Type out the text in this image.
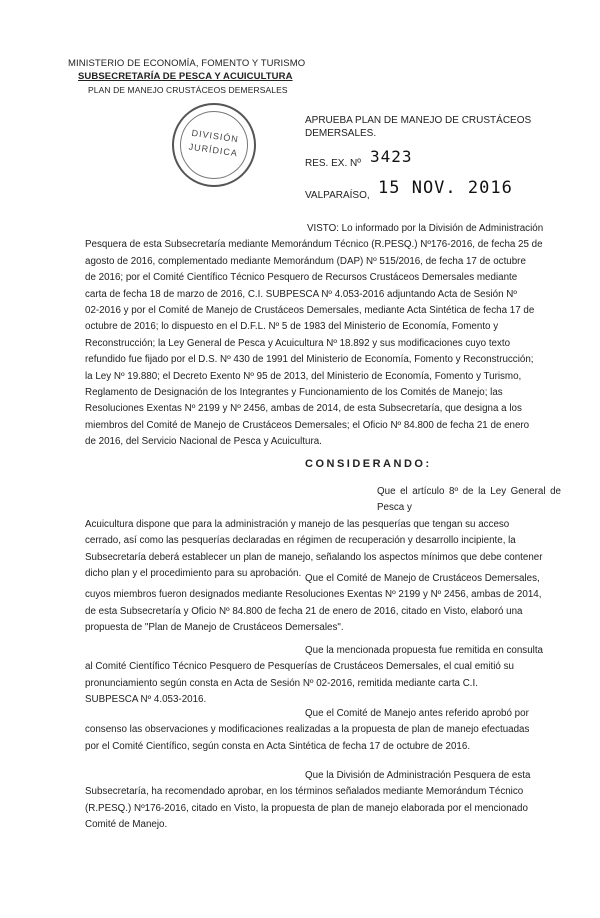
MINISTERIO DE ECONOMÍA, FOMENTO Y TURISMO
SUBSECRETARÍA DE PESCA Y ACUICULTURA
PLAN DE MANEJO CRUSTÁCEOS DEMERSALES
DIVISIÓN
JURÍDICA
APRUEBA PLAN DE MANEJO DE CRUSTÁCEOS
DEMERSALES.
RES. EX. Nº 3423
VALPARAÍSO, 15 NOV. 2016
VISTO: Lo informado por la División de Administración
Pesquera de esta Subsecretaría mediante Memorándum Técnico (R.PESQ.) Nº176-2016, de fecha 25 de
agosto de 2016, complementado mediante Memorándum (DAP) Nº 515/2016, de fecha 17 de octubre
de 2016; por el Comité Científico Técnico Pesquero de Recursos Crustáceos Demersales mediante
carta de fecha 18 de marzo de 2016, C.I. SUBPESCA Nº 4.053-2016 adjuntando Acta de Sesión Nº
02-2016 y por el Comité de Manejo de Crustáceos Demersales, mediante Acta Sintética de fecha 17 de
octubre de 2016; lo dispuesto en el D.F.L. Nº 5 de 1983 del Ministerio de Economía, Fomento y
Reconstrucción; la Ley General de Pesca y Acuicultura Nº 18.892 y sus modificaciones cuyo texto
refundido fue fijado por el D.S. Nº 430 de 1991 del Ministerio de Economía, Fomento y Reconstrucción;
la Ley Nº 19.880; el Decreto Exento Nº 95 de 2013, del Ministerio de Economía, Fomento y Turismo,
Reglamento de Designación de los Integrantes y Funcionamiento de los Comités de Manejo; las
Resoluciones Exentas Nº 2199 y Nº 2456, ambas de 2014, de esta Subsecretaría, que designa a los
miembros del Comité de Manejo de Crustáceos Demersales; el Oficio Nº 84.800 de fecha 21 de enero
de 2016, del Servicio Nacional de Pesca y Acuicultura.
CONSIDERANDO:
Que el artículo 8º de la Ley General de Pesca y
Acuicultura dispone que para la administración y manejo de las pesquerías que tengan su acceso
cerrado, así como las pesquerías declaradas en régimen de recuperación y desarrollo incipiente, la
Subsecretaría deberá establecer un plan de manejo, señalando los aspectos mínimos que debe contener
dicho plan y el procedimiento para su aprobación. Que el Comité de Manejo de Crustáceos Demersales,
cuyos miembros fueron designados mediante Resoluciones Exentas Nº 2199 y Nº 2456, ambas de 2014,
de esta Subsecretaría y Oficio Nº 84.800 de fecha 21 de enero de 2016, citado en Visto, elaboró una
propuesta de "Plan de Manejo de Crustáceos Demersales".
Que la mencionada propuesta fue remitida en consulta
al Comité Científico Técnico Pesquero de Pesquerías de Crustáceos Demersales, el cual emitió su
pronunciamiento según consta en Acta de Sesión Nº 02-2016, remitida mediante carta C.I.
SUBPESCA Nº 4.053-2016.
Que el Comité de Manejo antes referido aprobó por
consenso las observaciones y modificaciones realizadas a la propuesta de plan de manejo efectuadas
por el Comité Científico, según consta en Acta Sintética de fecha 17 de octubre de 2016.
Que la División de Administración Pesquera de esta
Subsecretaría, ha recomendado aprobar, en los términos señalados mediante Memorándum Técnico
(R.PESQ.) Nº176-2016, citado en Visto, la propuesta de plan de manejo elaborada por el mencionado
Comité de Manejo.
